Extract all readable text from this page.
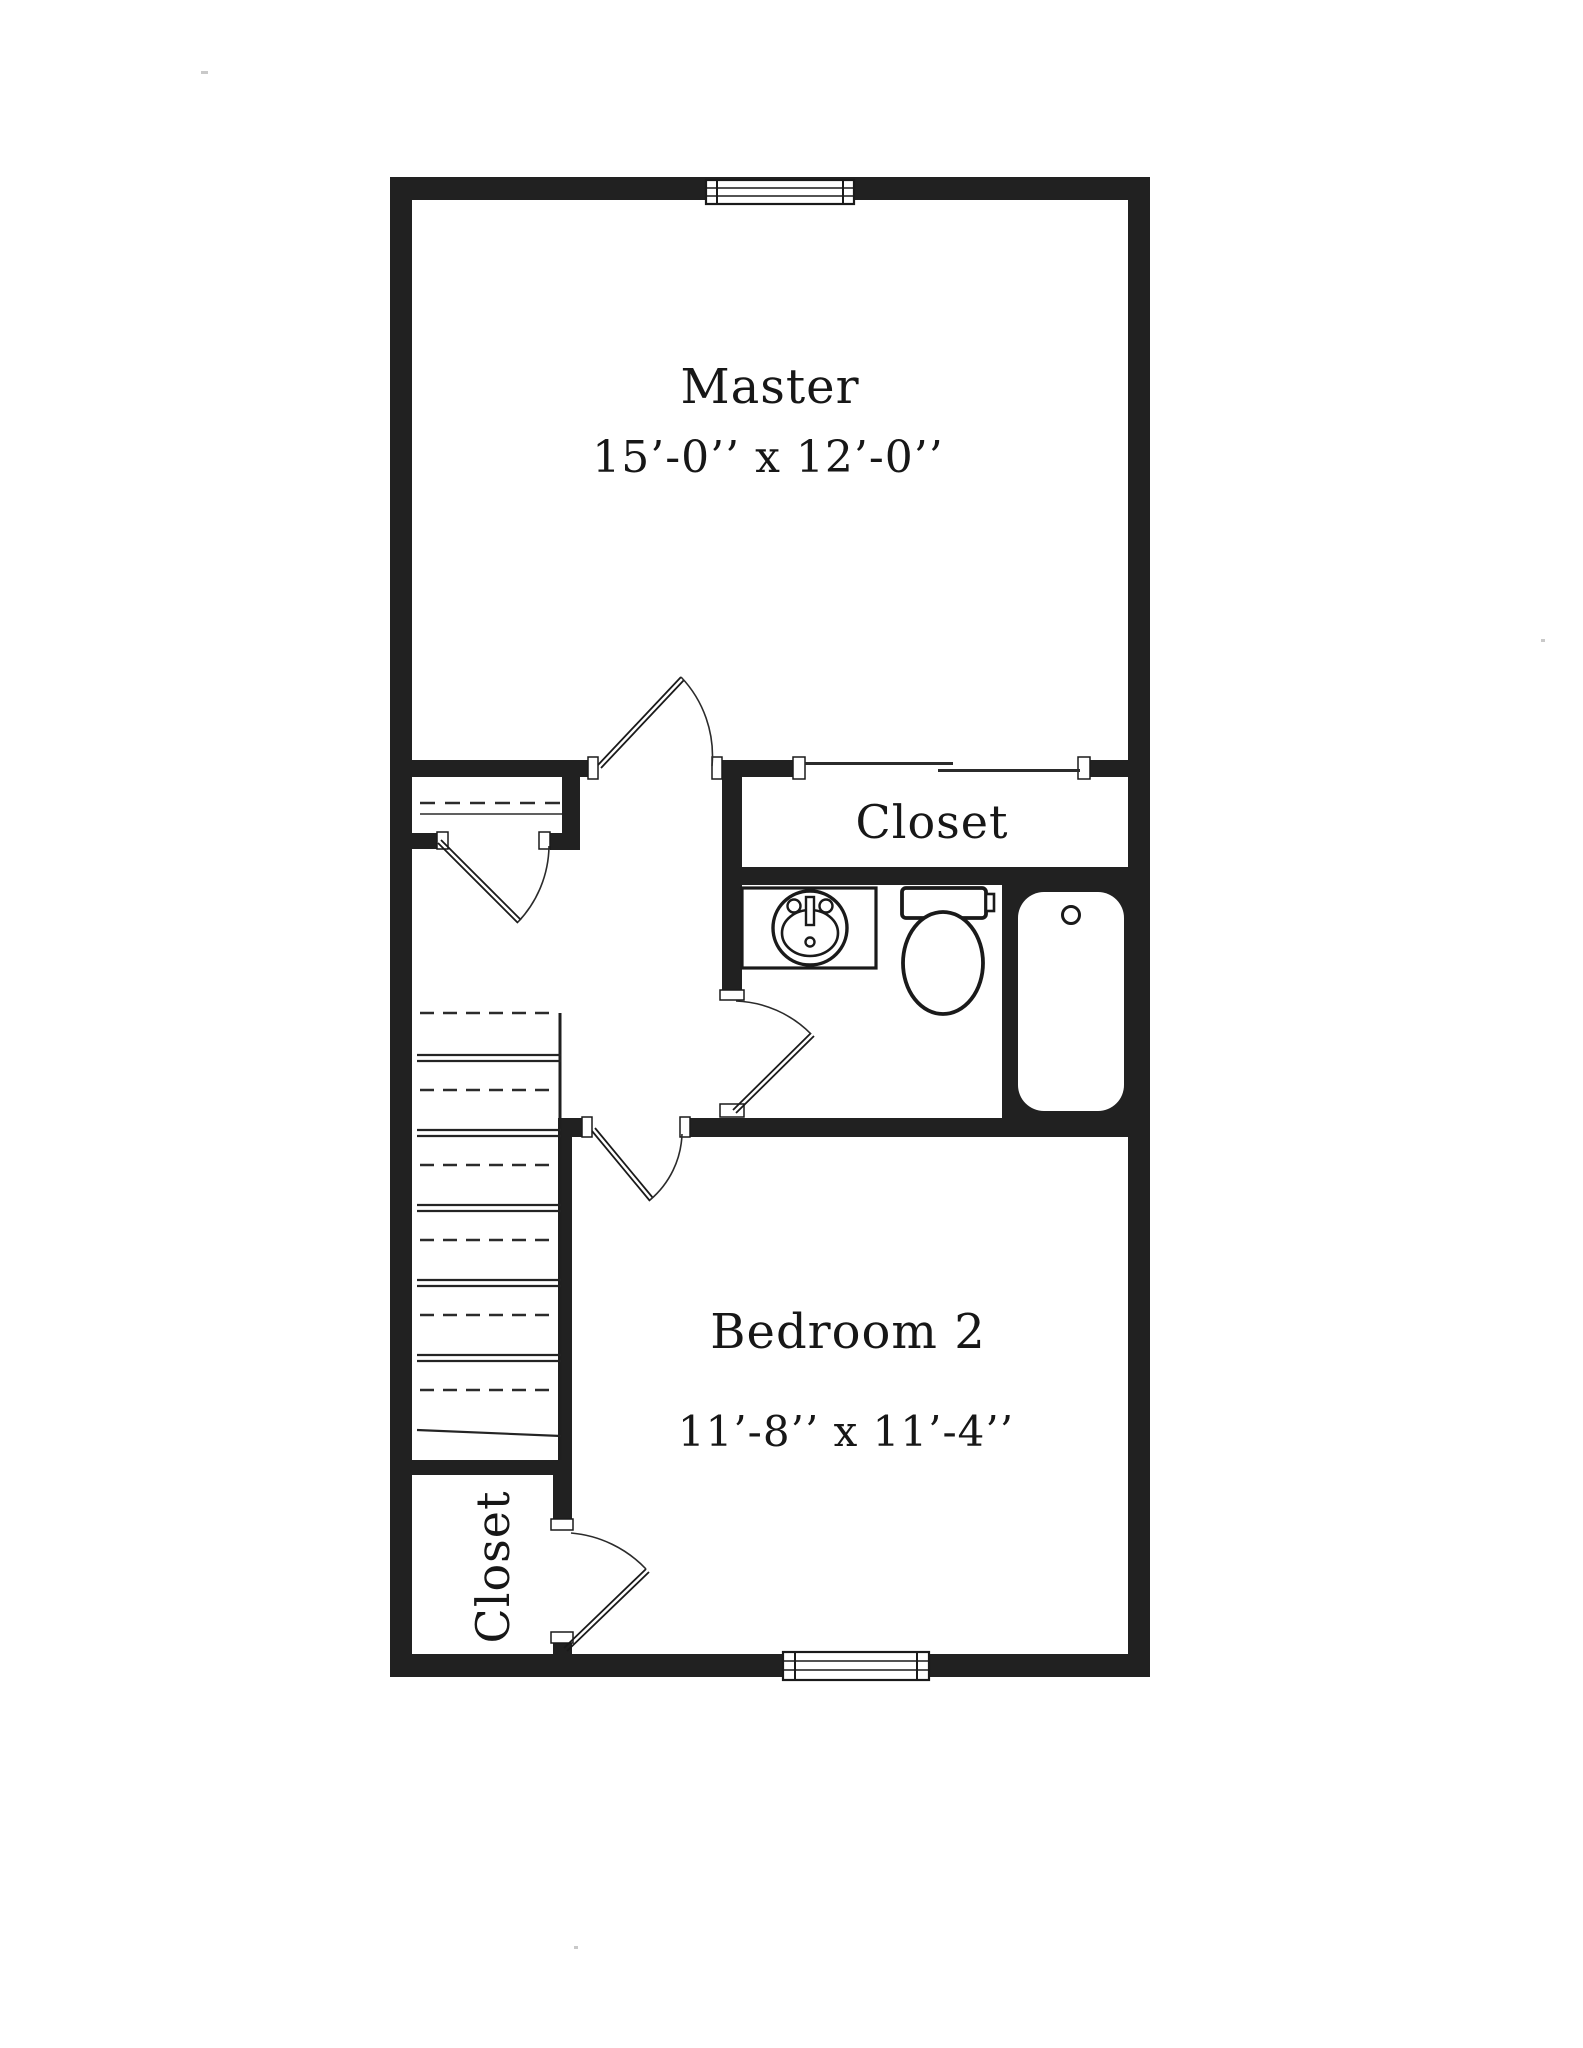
Master
15’-0’’ x 12’-0’’
Closet
Bedroom 2
11’-8’’ x 11’-4’’
Closet
